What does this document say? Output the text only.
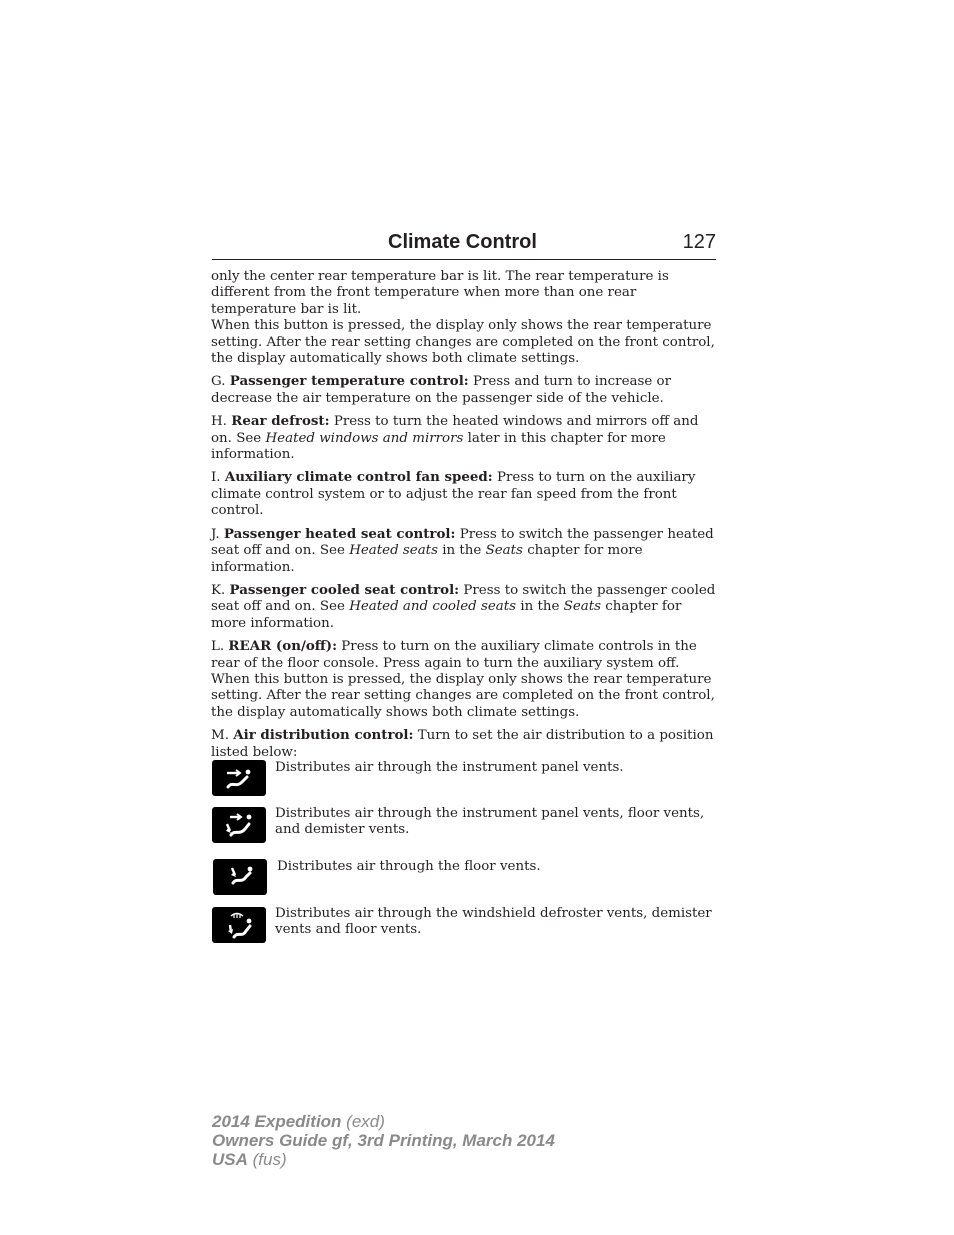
Climate Control	127

only the center rear temperature bar is lit. The rear temperature is different from the front temperature when more than one rear temperature bar is lit.

When this button is pressed, the display only shows the rear temperature setting. After the rear setting changes are completed on the front control, the display automatically shows both climate settings.

G. Passenger temperature control: Press and turn to increase or decrease the air temperature on the passenger side of the vehicle.

H. Rear defrost: Press to turn the heated windows and mirrors off and on. See Heated windows and mirrors later in this chapter for more information.

I. Auxiliary climate control fan speed: Press to turn on the auxiliary climate control system or to adjust the rear fan speed from the front control.

J. Passenger heated seat control: Press to switch the passenger heated seat off and on. See Heated seats in the Seats chapter for more information.

K. Passenger cooled seat control: Press to switch the passenger cooled seat off and on. See Heated and cooled seats in the Seats chapter for more information.

L. REAR (on/off): Press to turn on the auxiliary climate controls in the rear of the floor console. Press again to turn the auxiliary system off.

When this button is pressed, the display only shows the rear temperature setting. After the rear setting changes are completed on the front control, the display automatically shows both climate settings.

M. Air distribution control: Turn to set the air distribution to a position listed below:

Distributes air through the instrument panel vents.
Distributes air through the instrument panel vents, floor vents, and demister vents.
Distributes air through the floor vents.
Distributes air through the windshield defroster vents, demister vents and floor vents.
2014 Expedition (exd)
Owners Guide gf, 3rd Printing, March 2014
USA (fus)
